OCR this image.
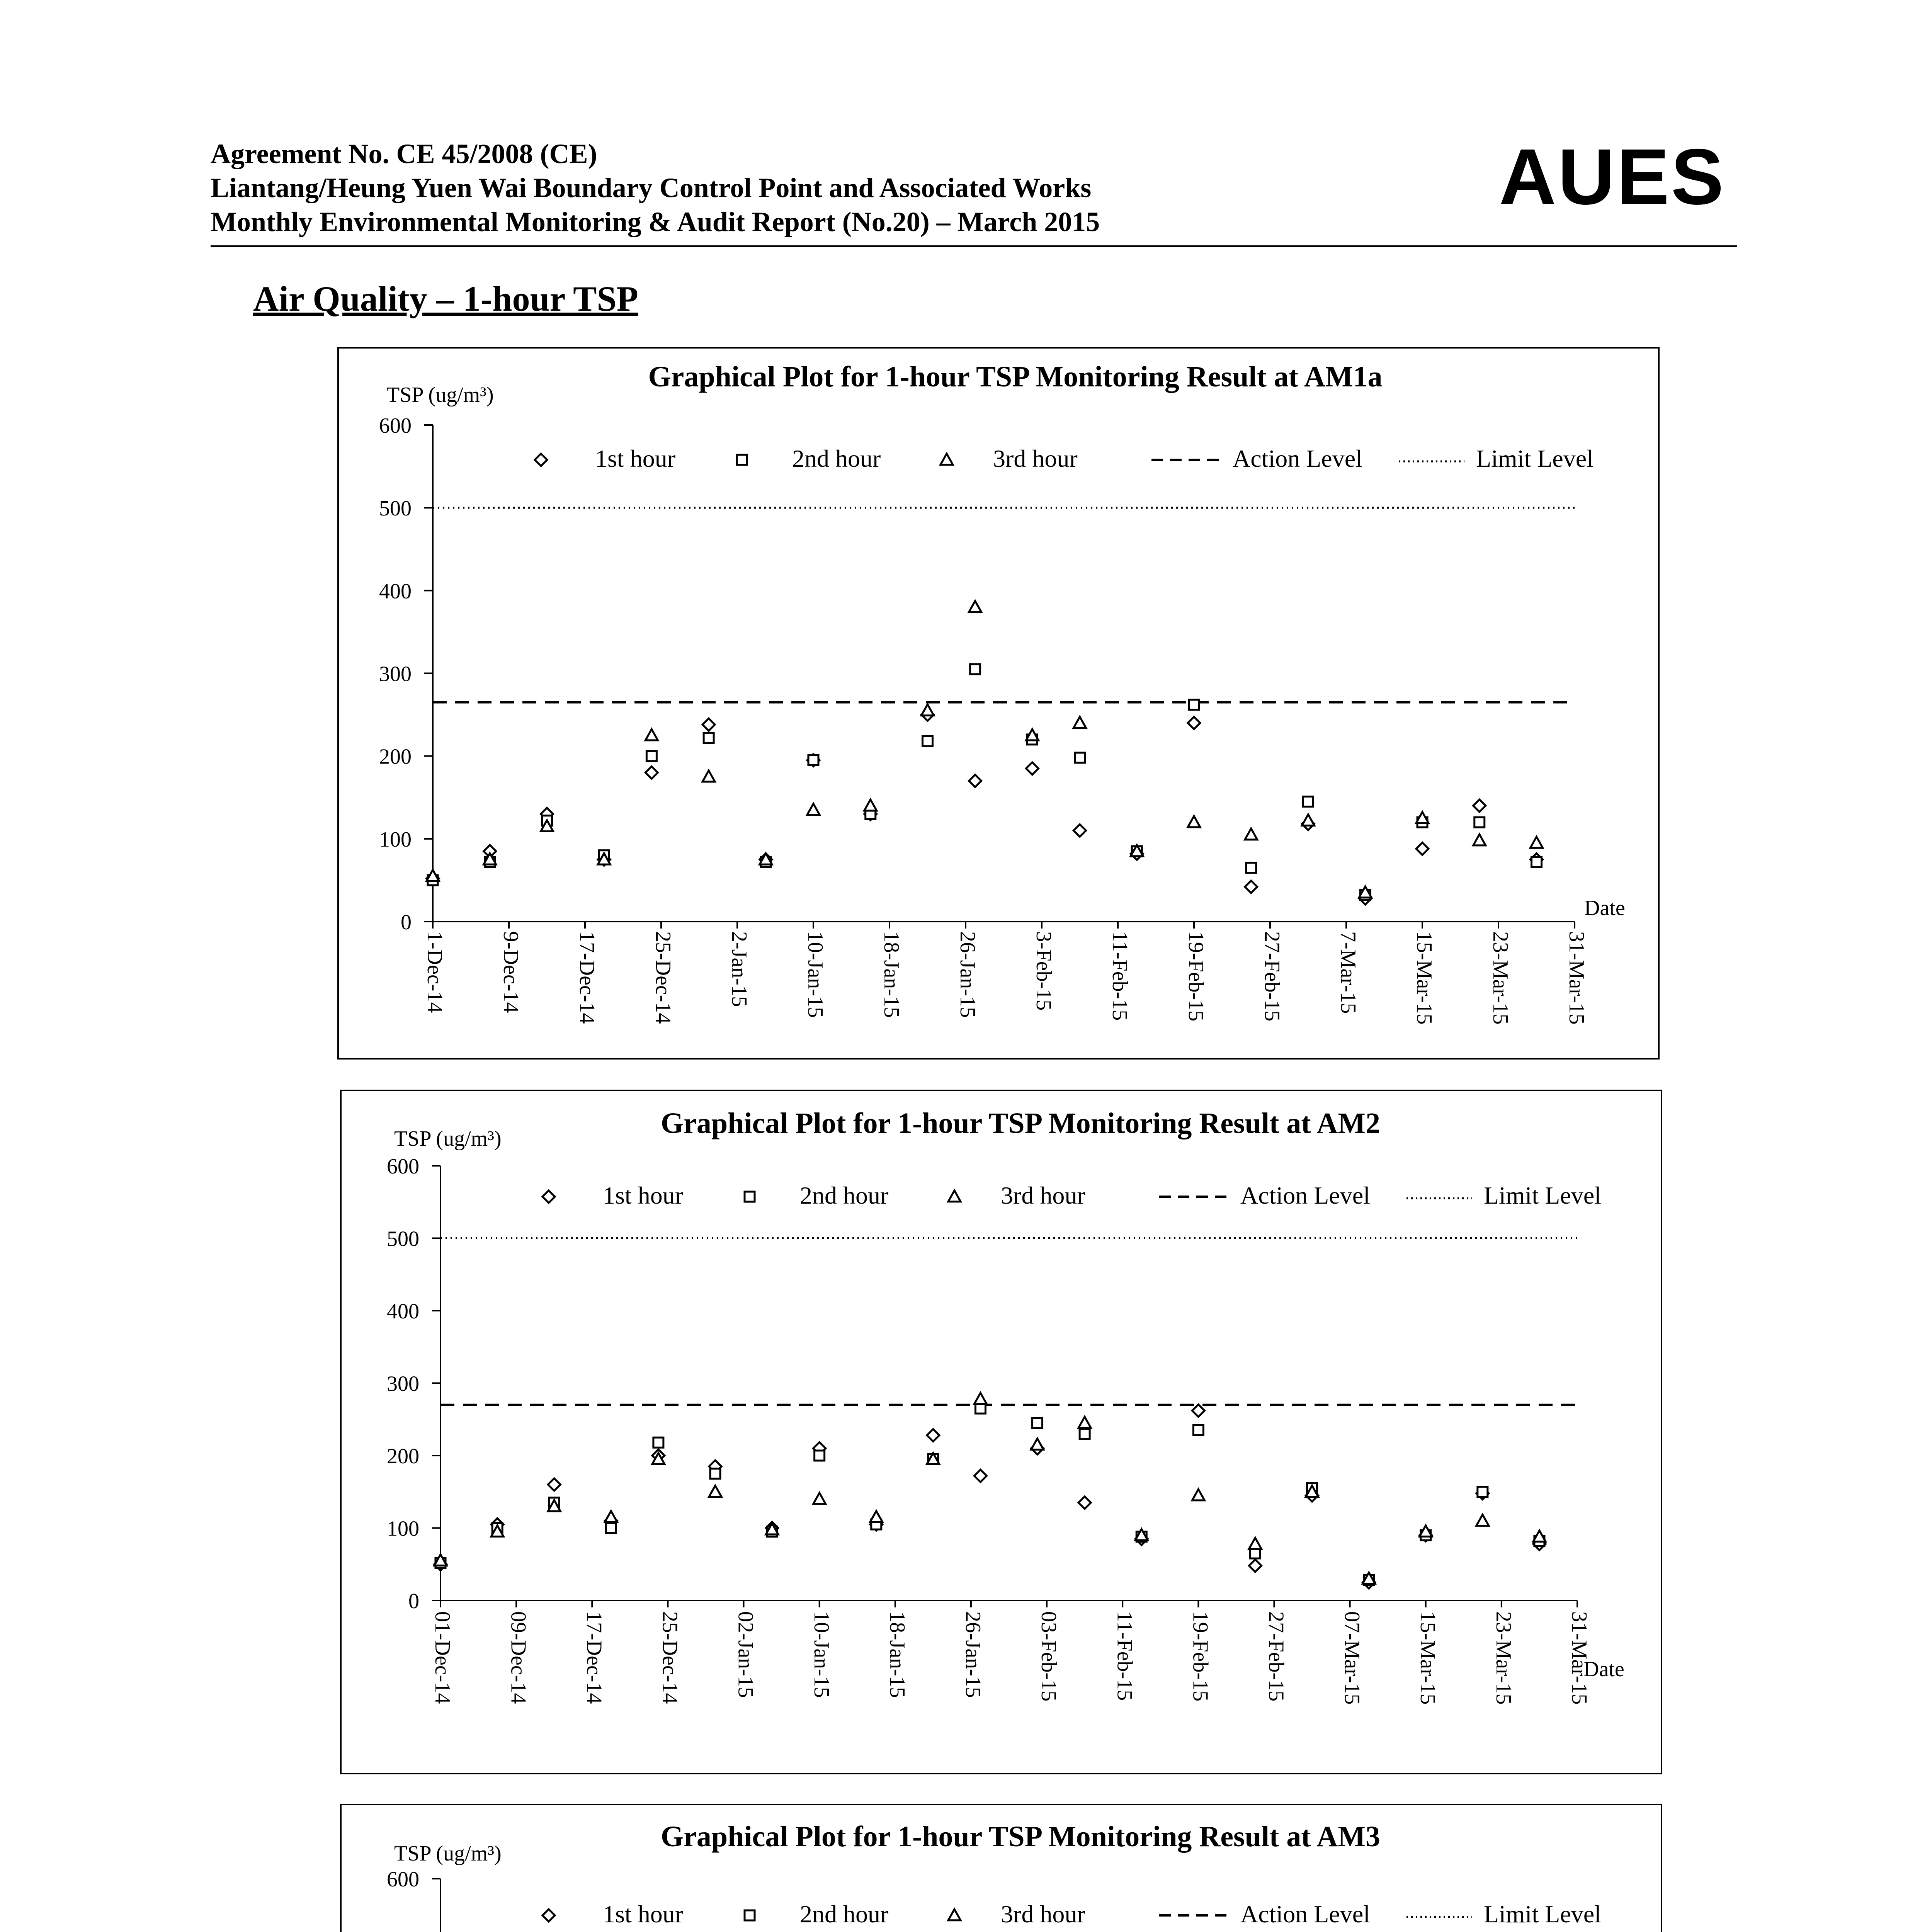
Agreement No. CE 45/2008 (CE)
Liantang/Heung Yuen Wai Boundary Control Point and Associated Works
Monthly Environmental Monitoring & Audit Report (No.20) – March 2015
AUES
Air Quality – 1-hour TSP
Graphical Plot for 1-hour TSP Monitoring Result at AM1a
TSP (ug/m³)
0
100
200
300
400
500
600
1-Dec-14 9-Dec-14 17-Dec-14 25-Dec-14 2-Jan-15 10-Jan-15 18-Jan-15 26-Jan-15 3-Feb-15 11-Feb-15 19-Feb-15 27-Feb-15 7-Mar-15 15-Mar-15 23-Mar-15 31-Mar-15
Date
1st hour	2nd hour	3rd hour	Action Level	Limit Level
Graphical Plot for 1-hour TSP Monitoring Result at AM2
TSP (ug/m³)
0
100
200
300
400
500
600
01-Dec-14 09-Dec-14 17-Dec-14 25-Dec-14 02-Jan-15 10-Jan-15 18-Jan-15 26-Jan-15 03-Feb-15 11-Feb-15 19-Feb-15 27-Feb-15 07-Mar-15 15-Mar-15 23-Mar-15 31-Mar-15
Date
1st hour	2nd hour	3rd hour	Action Level	Limit Level
Graphical Plot for 1-hour TSP Monitoring Result at AM3
TSP (ug/m³)
600
1st hour	2nd hour	3rd hour	Action Level	Limit Level
